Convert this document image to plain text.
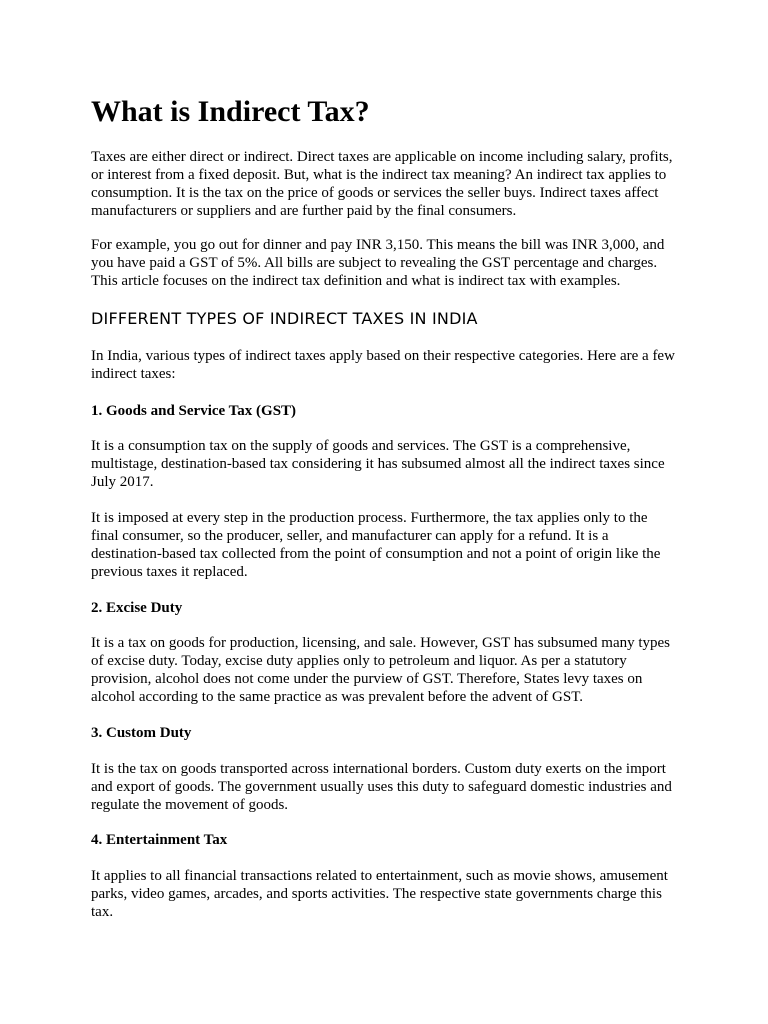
What is Indirect Tax?

Taxes are either direct or indirect. Direct taxes are applicable on income including salary, profits,
or interest from a fixed deposit. But, what is the indirect tax meaning? An indirect tax applies to
consumption. It is the tax on the price of goods or services the seller buys. Indirect taxes affect
manufacturers or suppliers and are further paid by the final consumers.

For example, you go out for dinner and pay INR 3,150. This means the bill was INR 3,000, and
you have paid a GST of 5%. All bills are subject to revealing the GST percentage and charges.
This article focuses on the indirect tax definition and what is indirect tax with examples.

DIFFERENT TYPES OF INDIRECT TAXES IN INDIA

In India, various types of indirect taxes apply based on their respective categories. Here are a few
indirect taxes:

1. Goods and Service Tax (GST)

It is a consumption tax on the supply of goods and services. The GST is a comprehensive,
multistage, destination-based tax considering it has subsumed almost all the indirect taxes since
July 2017.

It is imposed at every step in the production process. Furthermore, the tax applies only to the
final consumer, so the producer, seller, and manufacturer can apply for a refund. It is a
destination-based tax collected from the point of consumption and not a point of origin like the
previous taxes it replaced.

2. Excise Duty

It is a tax on goods for production, licensing, and sale. However, GST has subsumed many types
of excise duty. Today, excise duty applies only to petroleum and liquor. As per a statutory
provision, alcohol does not come under the purview of GST. Therefore, States levy taxes on
alcohol according to the same practice as was prevalent before the advent of GST.

3. Custom Duty

It is the tax on goods transported across international borders. Custom duty exerts on the import
and export of goods. The government usually uses this duty to safeguard domestic industries and
regulate the movement of goods.

4. Entertainment Tax

It applies to all financial transactions related to entertainment, such as movie shows, amusement
parks, video games, arcades, and sports activities. The respective state governments charge this
tax.
